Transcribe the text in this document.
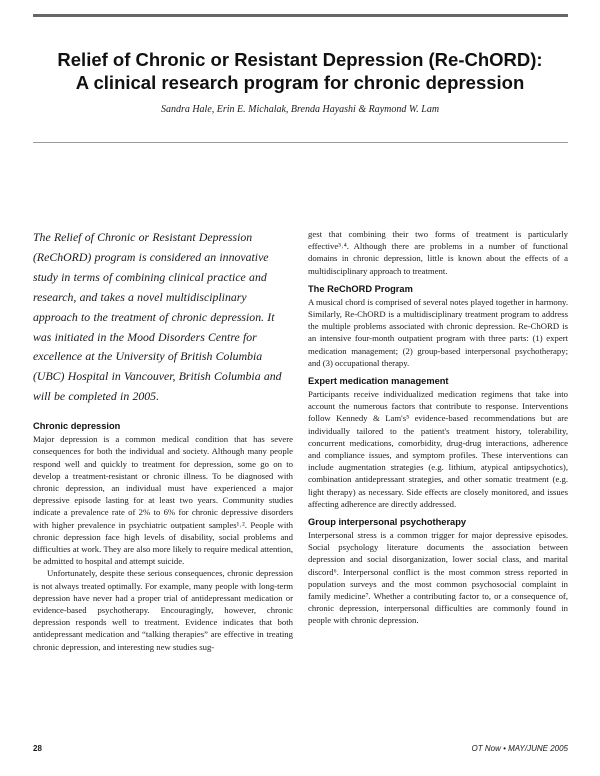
Relief of Chronic or Resistant Depression (Re-ChORD):
A clinical research program for chronic depression

Sandra Hale, Erin E. Michalak, Brenda Hayashi & Raymond W. Lam

The Relief of Chronic or Resistant Depression (ReChORD) program is considered an innovative study in terms of combining clinical practice and research, and takes a novel multidisciplinary approach to the treatment of chronic depression. It was initiated in the Mood Disorders Centre for excellence at the University of British Columbia (UBC) Hospital in Vancouver, British Columbia and will be completed in 2005.

Chronic depression

Major depression is a common medical condition that has severe consequences for both the individual and society. Although many people respond well and quickly to treatment for depression, some go on to develop a treatment-resistant or chronic illness. To be diagnosed with chronic depression, an individual must have experienced a major depressive episode lasting for at least two years. Community studies indicate a prevalence rate of 2% to 6% for chronic depressive disorders with higher prevalence in psychiatric outpatient samples¹˒². People with chronic depression face high levels of disability, social problems and difficulties at work. They are also more likely to require medical attention, be admitted to hospital and attempt suicide.

Unfortunately, despite these serious consequences, chronic depression is not always treated optimally. For example, many people with long-term depression have never had a proper trial of antidepressant medication or evidence-based psychotherapy. Encouragingly, however, chronic depression responds well to treatment. Evidence indicates that both antidepressant medication and “talking therapies” are effective in treating chronic depression, and interesting new studies sug-

gest that combining their two forms of treatment is particularly effective³˒⁴. Although there are problems in a number of functional domains in chronic depression, little is known about the effects of a multidisciplinary approach to treatment.

The ReChORD Program

A musical chord is comprised of several notes played together in harmony. Similarly, Re-ChORD is a multidisciplinary treatment program to address the multiple problems associated with chronic depression. Re-ChORD is an intensive four-month outpatient program with three parts: (1) expert medication management; (2) group-based interpersonal psychotherapy; and (3) occupational therapy.

Expert medication management

Participants receive individualized medication regimens that take into account the numerous factors that contribute to response. Interventions follow Kennedy & Lam's⁵ evidence-based recommendations but are individually tailored to the patient's treatment history, tolerability, concurrent medications, comorbidity, drug-drug interactions, adherence and compliance issues, and symptom profiles. These interventions can include augmentation strategies (e.g. lithium, atypical antipsychotics), combination antidepressant strategies, and other somatic treatment (e.g. light therapy) as necessary. Side effects are closely monitored, and issues affecting adherence are directly addressed.

Group interpersonal psychotherapy

Interpersonal stress is a common trigger for major depressive episodes. Social psychology literature documents the association between depression and social disorganization, lower social class, and marital discord⁶. Interpersonal conflict is the most common stress reported in population surveys and the most common psychosocial complaint in family medicine⁷. Whether a contributing factor to, or a consequence of, chronic depression, interpersonal difficulties are commonly found in people with chronic depression.

28	OT Now • MAY/JUNE 2005
